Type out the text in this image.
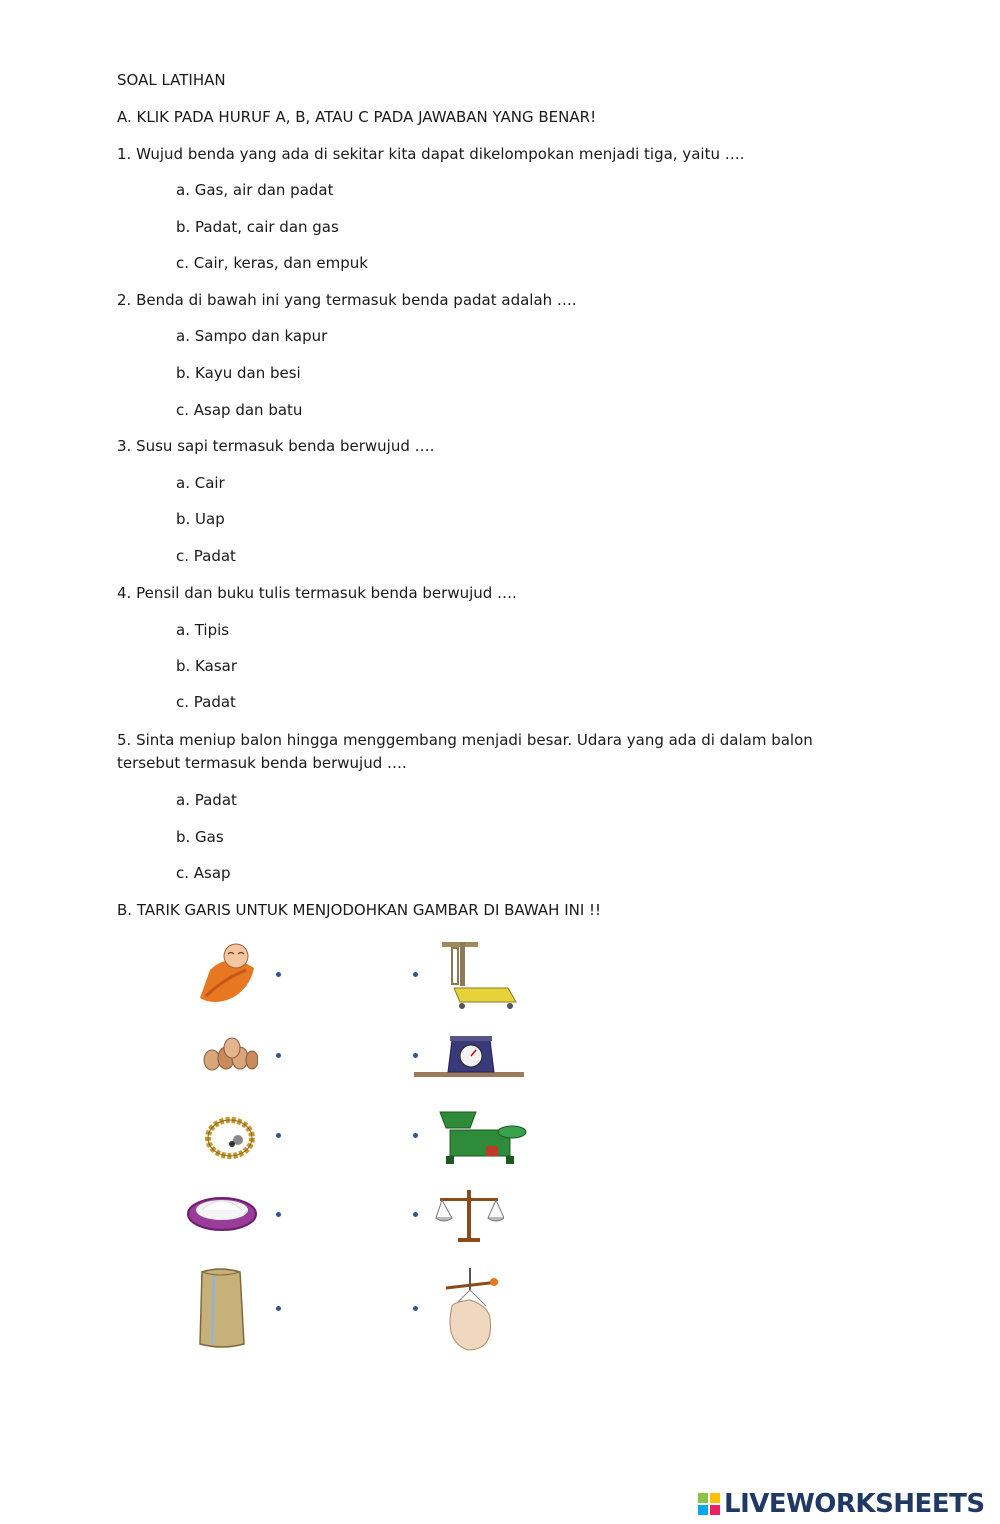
SOAL LATIHAN
A. KLIK PADA HURUF A, B, ATAU C PADA JAWABAN YANG BENAR!
1. Wujud benda yang ada di sekitar kita dapat dikelompokan menjadi tiga, yaitu ….
a. Gas, air dan padat
b. Padat, cair dan gas
c. Cair, keras, dan empuk
2. Benda di bawah ini yang termasuk benda padat adalah ….
a. Sampo dan kapur
b. Kayu dan besi
c. Asap dan batu
3. Susu sapi termasuk benda berwujud ….
a. Cair
b. Uap
c. Padat
4. Pensil dan buku tulis termasuk benda berwujud ….
a. Tipis
b. Kasar
c. Padat
5. Sinta meniup balon hingga menggembang menjadi besar. Udara yang ada di dalam balon tersebut termasuk benda berwujud ….
a. Padat
b. Gas
c. Asap
B. TARIK GARIS UNTUK MENJODOHKAN GAMBAR DI BAWAH INI !!
LIVEWORKSHEETS
